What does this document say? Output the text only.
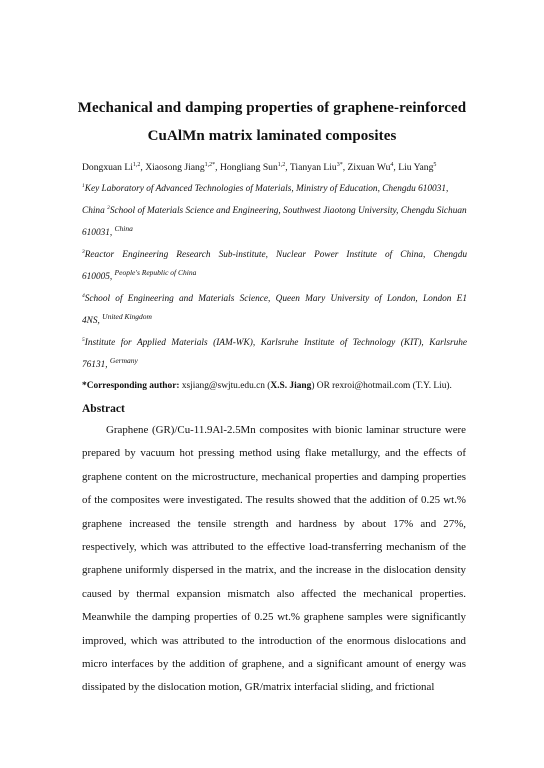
Mechanical and damping properties of graphene-reinforced
CuAlMn matrix laminated composites
Dongxuan Li$^{1,2}$, Xiaosong Jiang$^{1,2*}$, Hongliang Sun$^{1,2}$, Tianyan Liu$^{3*}$, Zixuan Wu$^4$, Liu Yang$^5$
$^1$Key Laboratory of Advanced Technologies of Materials, Ministry of Education, Chengdu 610031,
China $^2$School of Materials Science and Engineering, Southwest Jiaotong University, Chengdu Sichuan
610031, $^{China}$
$^3$Reactor Engineering Research Sub-institute, Nuclear Power Institute of China, Chengdu
610005, $^{People's Republic of China}$
$^4$School of Engineering and Materials Science, Queen Mary University of London, London E1
4NS, $^{United Kingdom}$
$^5$Institute for Applied Materials (IAM-WK), Karlsruhe Institute of Technology (KIT), Karlsruhe
76131, $^{Germany}$
*Corresponding author: xsjiang@swjtu.edu.cn (X.S. Jiang) OR rexroi@hotmail.com (T.Y. Liu).
Abstract
Graphene (GR)/Cu-11.9Al-2.5Mn composites with bionic laminar structure were prepared by vacuum hot pressing method using flake metallurgy, and the effects of graphene content on the microstructure, mechanical properties and damping properties of the composites were investigated. The results showed that the addition of 0.25 wt.% graphene increased the tensile strength and hardness by about 17% and 27%, respectively, which was attributed to the effective load-transferring mechanism of the graphene uniformly dispersed in the matrix, and the increase in the dislocation density caused by thermal expansion mismatch also affected the mechanical properties. Meanwhile the damping properties of 0.25 wt.% graphene samples were significantly improved, which was attributed to the introduction of the enormous dislocations and micro interfaces by the addition of graphene, and a significant amount of energy was dissipated by the dislocation motion, GR/matrix interfacial sliding, and frictional
